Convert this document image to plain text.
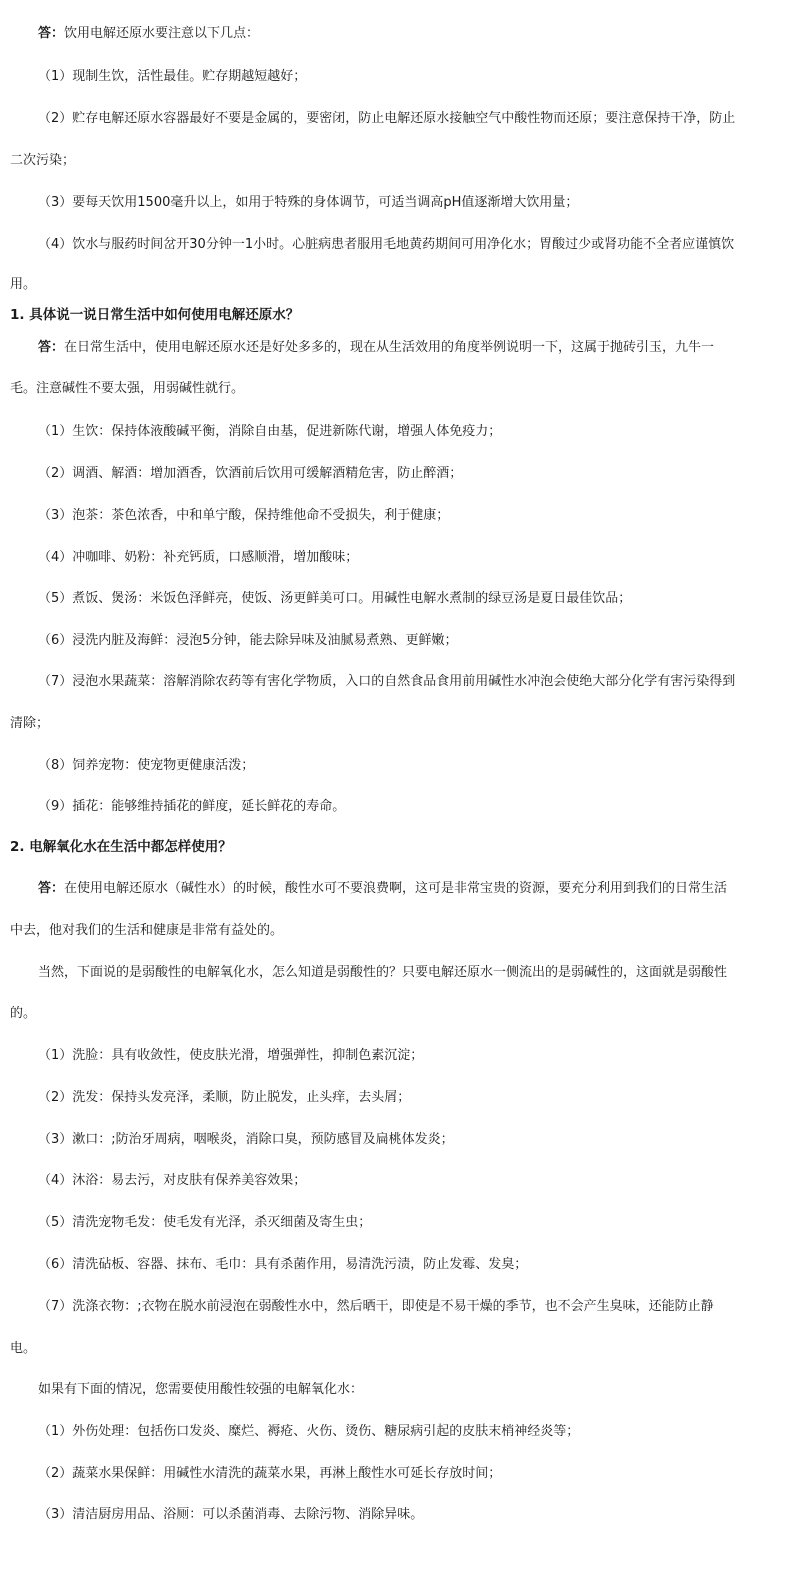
答：饮用电解还原水要注意以下几点：
（1）现制生饮，活性最佳。贮存期越短越好；
（2）贮存电解还原水容器最好不要是金属的，要密闭，防止电解还原水接触空气中酸性物而还原；要注意保持干净，防止
二次污染；
（3）要每天饮用1500毫升以上，如用于特殊的身体调节，可适当调高pH值逐渐增大饮用量；
（4）饮水与服药时间岔开30分钟一1小时。心脏病患者服用毛地黄药期间可用净化水；胃酸过少或肾功能不全者应谨慎饮
用。
1. 具体说一说日常生活中如何使用电解还原水？
答：在日常生活中，使用电解还原水还是好处多多的，现在从生活效用的角度举例说明一下，这属于抛砖引玉，九牛一
毛。注意碱性不要太强，用弱碱性就行。
（1）生饮：保持体液酸碱平衡，消除自由基，促进新陈代谢，增强人体免疫力；
（2）调酒、解酒：增加酒香，饮酒前后饮用可缓解酒精危害，防止醉酒；
（3）泡茶：茶色浓香，中和单宁酸，保持维他命不受损失，利于健康；
（4）冲咖啡、奶粉：补充钙质，口感顺滑，增加酸味；
（5）煮饭、煲汤：米饭色泽鲜亮，使饭、汤更鲜美可口。用碱性电解水煮制的绿豆汤是夏日最佳饮品；
（6）浸洗内脏及海鲜：浸泡5分钟，能去除异味及油腻易煮熟、更鲜嫩；
（7）浸泡水果蔬菜：溶解消除农药等有害化学物质，入口的自然食品食用前用碱性水冲泡会使绝大部分化学有害污染得到
清除；
（8）饲养宠物：使宠物更健康活泼；
（9）插花：能够维持插花的鲜度，延长鲜花的寿命。
2. 电解氧化水在生活中都怎样使用？
答：在使用电解还原水（碱性水）的时候，酸性水可不要浪费啊，这可是非常宝贵的资源，要充分利用到我们的日常生活
中去，他对我们的生活和健康是非常有益处的。
当然，下面说的是弱酸性的电解氧化水，怎么知道是弱酸性的？只要电解还原水一侧流出的是弱碱性的，这面就是弱酸性
的。
（1）洗脸：具有收敛性，使皮肤光滑，增强弹性，抑制色素沉淀；
（2）洗发：保持头发亮泽，柔顺，防止脱发，止头痒，去头屑；
（3）漱口：;防治牙周病，咽喉炎，消除口臭，预防感冒及扁桃体发炎；
（4）沐浴：易去污，对皮肤有保养美容效果；
（5）清洗宠物毛发：使毛发有光泽，杀灭细菌及寄生虫；
（6）清洗砧板、容器、抹布、毛巾：具有杀菌作用，易清洗污渍，防止发霉、发臭；
（7）洗涤衣物：;衣物在脱水前浸泡在弱酸性水中，然后晒干，即使是不易干燥的季节，也不会产生臭味，还能防止静
电。
如果有下面的情况，您需要使用酸性较强的电解氧化水：
（1）外伤处理：包括伤口发炎、糜烂、褥疮、火伤、烫伤、糖尿病引起的皮肤末梢神经炎等；
（2）蔬菜水果保鲜：用碱性水清洗的蔬菜水果，再淋上酸性水可延长存放时间；
（3）清洁厨房用品、浴厕：可以杀菌消毒、去除污物、消除异味。
